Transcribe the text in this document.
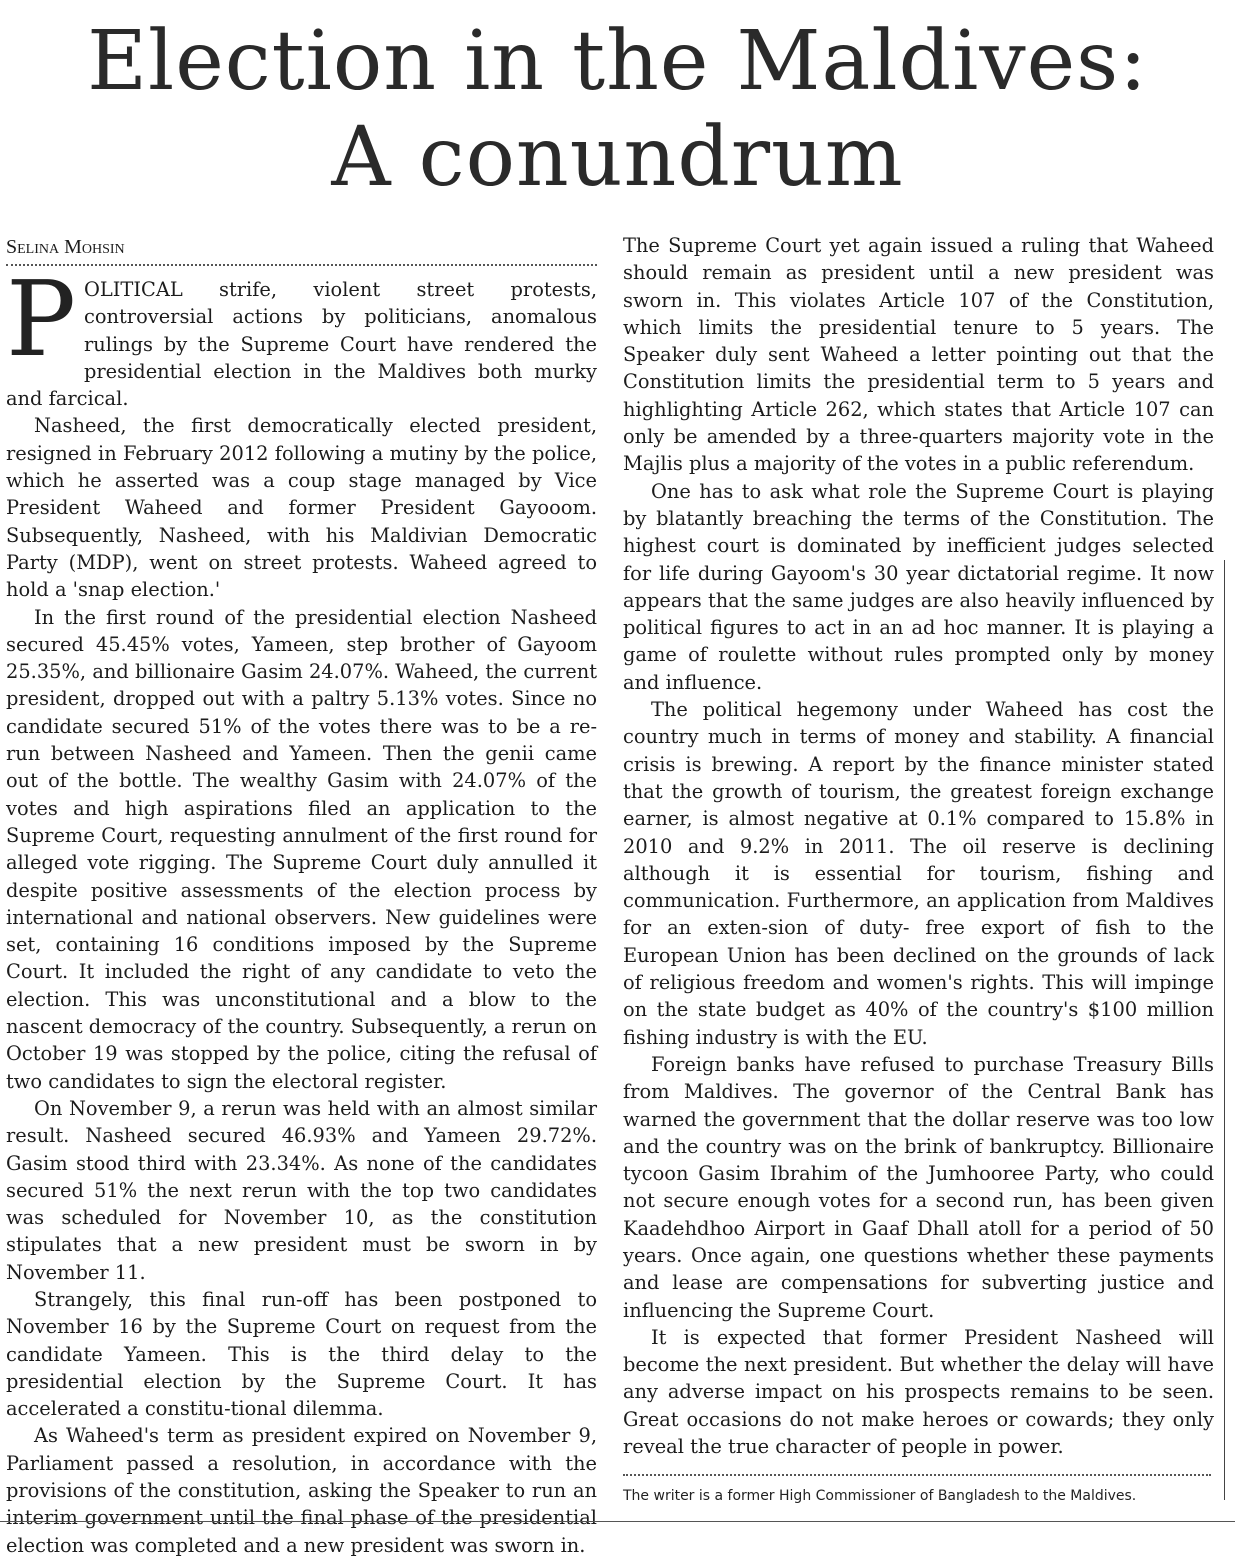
Election in the Maldives:
A conundrum
Selina Mohsin

POLITICAL strife, violent street protests, controversial actions by politicians, anomalous rulings by the Supreme Court have rendered the presidential election in the Maldives both murky and farcical.

Nasheed, the first democratically elected president, resigned in February 2012 following a mutiny by the police, which he asserted was a coup stage managed by Vice President Waheed and former President Gayooom. Subsequently, Nasheed, with his Maldivian Democratic Party (MDP), went on street protests. Waheed agreed to hold a 'snap election.'

In the first round of the presidential election Nasheed secured 45.45% votes, Yameen, step brother of Gayoom 25.35%, and billionaire Gasim 24.07%. Waheed, the current president, dropped out with a paltry 5.13% votes. Since no candidate secured 51% of the votes there was to be a re-run between Nasheed and Yameen. Then the genii came out of the bottle. The wealthy Gasim with 24.07% of the votes and high aspirations filed an application to the Supreme Court, requesting annulment of the first round for alleged vote rigging. The Supreme Court duly annulled it despite positive assessments of the election process by international and national observers. New guidelines were set, containing 16 conditions imposed by the Supreme Court. It included the right of any candidate to veto the election. This was unconstitutional and a blow to the nascent democracy of the country. Subsequently, a rerun on October 19 was stopped by the police, citing the refusal of two candidates to sign the electoral register.

On November 9, a rerun was held with an almost similar result. Nasheed secured 46.93% and Yameen 29.72%. Gasim stood third with 23.34%. As none of the candidates secured 51% the next rerun with the top two candidates was scheduled for November 10, as the constitution stipulates that a new president must be sworn in by November 11.

Strangely, this final run-off has been postponed to November 16 by the Supreme Court on request from the candidate Yameen. This is the third delay to the presidential election by the Supreme Court. It has accelerated a constitu-tional dilemma.

As Waheed's term as president expired on November 9, Parliament passed a resolution, in accordance with the provisions of the constitution, asking the Speaker to run an interim government until the final phase of the presidential election was completed and a new president was sworn in.

The Supreme Court yet again issued a ruling that Waheed should remain as president until a new president was sworn in. This violates Article 107 of the Constitution, which limits the presidential tenure to 5 years. The Speaker duly sent Waheed a letter pointing out that the Constitution limits the presidential term to 5 years and highlighting Article 262, which states that Article 107 can only be amended by a three-quarters majority vote in the Majlis plus a majority of the votes in a public referendum.

One has to ask what role the Supreme Court is playing by blatantly breaching the terms of the Constitution. The highest court is dominated by inefficient judges selected for life during Gayoom's 30 year dictatorial regime. It now appears that the same judges are also heavily influenced by political figures to act in an ad hoc manner. It is playing a game of roulette without rules prompted only by money and influence.

The political hegemony under Waheed has cost the country much in terms of money and stability. A financial crisis is brewing. A report by the finance minister stated that the growth of tourism, the greatest foreign exchange earner, is almost negative at 0.1% compared to 15.8% in 2010 and 9.2% in 2011. The oil reserve is declining although it is essential for tourism, fishing and communication. Furthermore, an application from Maldives for an exten-sion of duty- free export of fish to the European Union has been declined on the grounds of lack of religious freedom and women's rights. This will impinge on the state budget as 40% of the country's $100 million fishing industry is with the EU.

Foreign banks have refused to purchase Treasury Bills from Maldives. The governor of the Central Bank has warned the government that the dollar reserve was too low and the country was on the brink of bankruptcy. Billionaire tycoon Gasim Ibrahim of the Jumhooree Party, who could not secure enough votes for a second run, has been given Kaadehdhoo Airport in Gaaf Dhall atoll for a period of 50 years. Once again, one questions whether these payments and lease are compensations for subverting justice and influencing the Supreme Court.

It is expected that former President Nasheed will become the next president. But whether the delay will have any adverse impact on his prospects remains to be seen. Great occasions do not make heroes or cowards; they only reveal the true character of people in power.

The writer is a former High Commissioner of Bangladesh to the Maldives.
